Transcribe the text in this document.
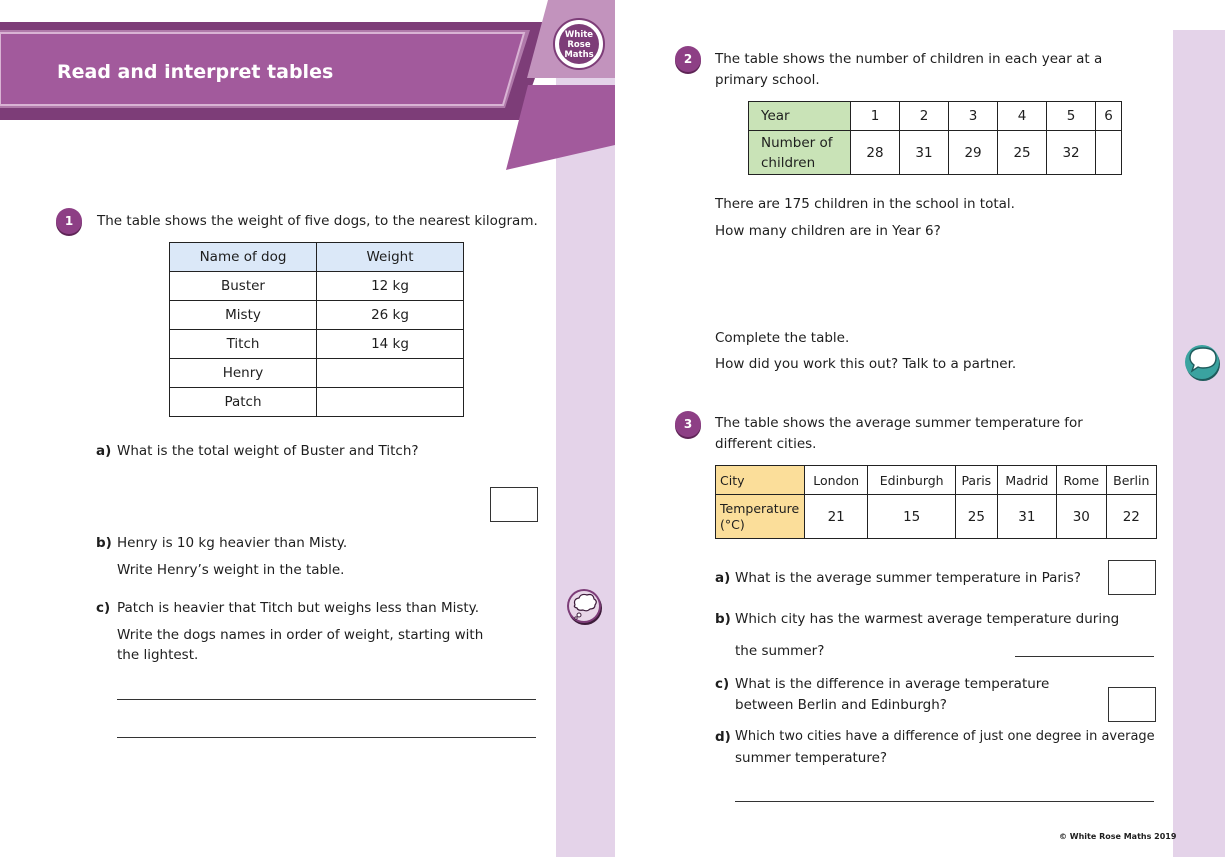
Read and interpret tables
White
Rose
Maths
1	The table shows the weight of five dogs, to the nearest kilogram.
Name of dog	Weight
Buster	12 kg
Misty	26 kg
Titch	14 kg
Henry	
Patch	
a) What is the total weight of Buster and Titch?
b) Henry is 10 kg heavier than Misty.
Write Henry’s weight in the table.
c) Patch is heavier that Titch but weighs less than Misty.
Write the dogs names in order of weight, starting with
the lightest.
2	The table shows the number of children in each year at a
primary school.
Year	1	2	3	4	5	6

Number of
children	28	31	29	25	32	
There are 175 children in the school in total.
How many children are in Year 6?
Complete the table.
How did you work this out? Talk to a partner.
3	The table shows the average summer temperature for
different cities.
City	London	Edinburgh	Paris	Madrid	Rome	Berlin

Temperature
(°C)	21	15	25	31	30	22
a) What is the average summer temperature in Paris?
b) Which city has the warmest average temperature during
the summer?
c) What is the difference in average temperature
between Berlin and Edinburgh?
d) Which two cities have a difference of just one degree in average
summer temperature?
© White Rose Maths 2019
